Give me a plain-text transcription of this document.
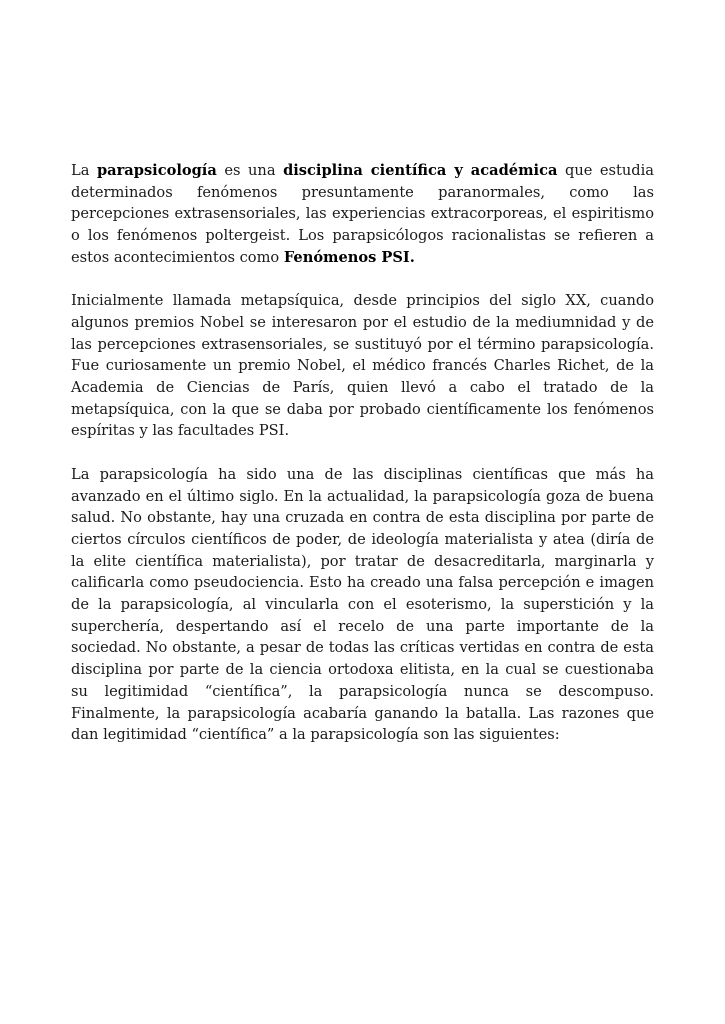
La parapsicología es una disciplina científica y académica que estudia determinados fenómenos presuntamente paranormales, como las percepciones extrasensoriales, las experiencias extracorporeas, el espiritismo o los fenómenos poltergeist. Los parapsicólogos racionalistas se refieren a estos acontecimientos como Fenómenos PSI.

Inicialmente llamada metapsíquica, desde principios del siglo XX, cuando algunos premios Nobel se interesaron por el estudio de la mediumnidad y de las percepciones extrasensoriales, se sustituyó por el término parapsicología. Fue curiosamente un premio Nobel, el médico francés Charles Richet, de la Academia de Ciencias de París, quien llevó a cabo el tratado de la metapsíquica, con la que se daba por probado científicamente los fenómenos espíritas y las facultades PSI.

La parapsicología ha sido una de las disciplinas científicas que más ha avanzado en el último siglo. En la actualidad, la parapsicología goza de buena salud. No obstante, hay una cruzada en contra de esta disciplina por parte de ciertos círculos científicos de poder, de ideología materialista y atea (diría de la elite científica materialista), por tratar de desacreditarla, marginarla y calificarla como pseudociencia. Esto ha creado una falsa percepción e imagen de la parapsicología, al vincularla con el esoterismo, la superstición y la superchería, despertando así el recelo de una parte importante de la sociedad. No obstante, a pesar de todas las críticas vertidas en contra de esta disciplina por parte de la ciencia ortodoxa elitista, en la cual se cuestionaba su legitimidad “científica”, la parapsicología nunca se descompuso. Finalmente, la parapsicología acabaría ganando la batalla. Las razones que dan legitimidad “científica” a la parapsicología son las siguientes:
